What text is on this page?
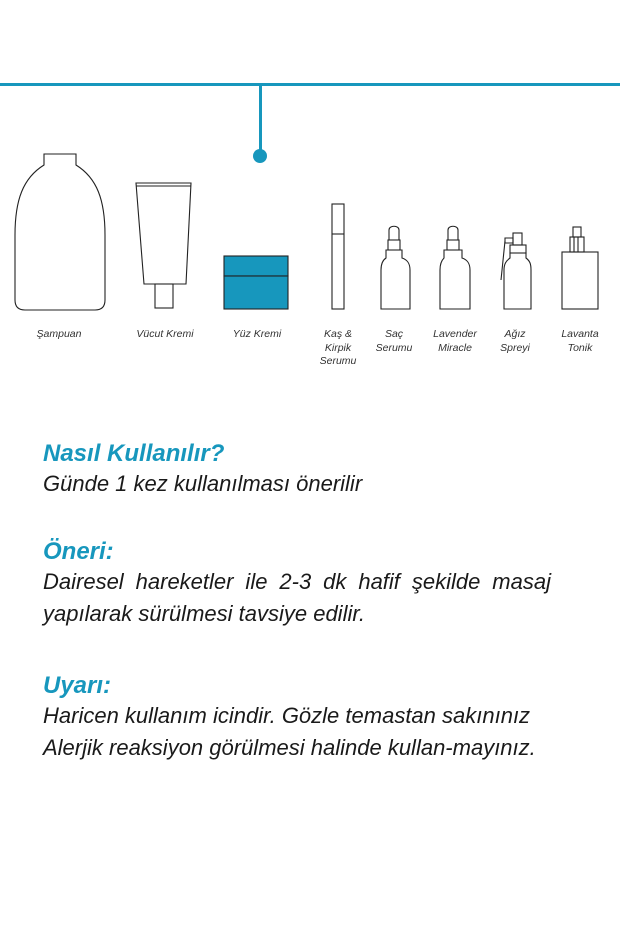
Şampuan	Vücut Kremi	Yüz Kremi	Kaş &
Kirpik
Serumu
Saç
Serumu
Lavender
Miracle
Ağız
Spreyi
Lavanta
Tonik
Nasıl Kullanılır?

Günde 1 kez kullanılması önerilir

Öneri:

Dairesel hareketler ile 2-3 dk hafif şekilde masaj yapılarak sürülmesi tavsiye edilir.

Uyarı:

Haricen kullanım icindir. Gözle temastan sakınınız

Alerjik reaksiyon görülmesi halinde kullan-mayınız.
